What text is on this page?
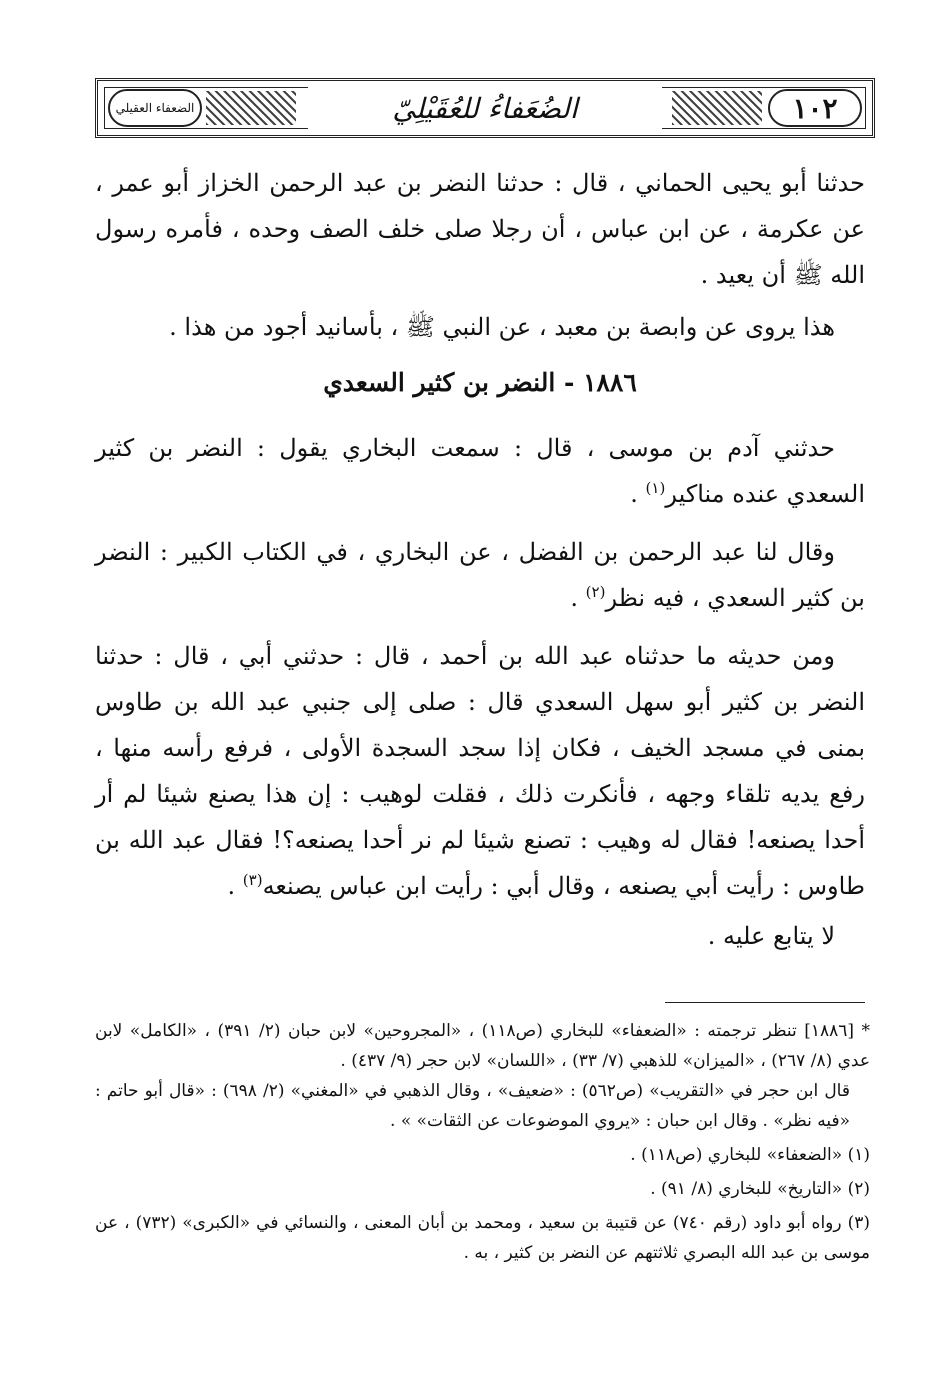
١٠٢
الضُعَفاءُ للعُقَيْلِيّ
الضعفاء العقيلي

حدثنا أبو يحيى الحماني ، قال : حدثنا النضر بن عبد الرحمن الخزاز أبو عمر ، عن عكرمة ، عن ابن عباس ، أن رجلا صلى خلف الصف وحده ، فأمره رسول الله ﷺ أن يعيد .

هذا يروى عن وابصة بن معبد ، عن النبي ﷺ ، بأسانيد أجود من هذا .

١٨٨٦ - النضر بن كثير السعدي

حدثني آدم بن موسى ، قال : سمعت البخاري يقول : النضر بن كثير السعدي عنده مناكير$^{(١)}$ .

وقال لنا عبد الرحمن بن الفضل ، عن البخاري ، في الكتاب الكبير : النضر بن كثير السعدي ، فيه نظر$^{(٢)}$ .

ومن حديثه ما حدثناه عبد الله بن أحمد ، قال : حدثني أبي ، قال : حدثنا النضر بن كثير أبو سهل السعدي قال : صلى إلى جنبي عبد الله بن طاوس بمنى في مسجد الخيف ، فكان إذا سجد السجدة الأولى ، فرفع رأسه منها ، رفع يديه تلقاء وجهه ، فأنكرت ذلك ، فقلت لوهيب : إن هذا يصنع شيئا لم أر أحدا يصنعه! فقال له وهيب : تصنع شيئا لم نر أحدا يصنعه؟! فقال عبد الله بن طاوس : رأيت أبي يصنعه ، وقال أبي : رأيت ابن عباس يصنعه$^{(٣)}$ .

لا يتابع عليه .

* [١٨٨٦] تنظر ترجمته : «الضعفاء» للبخاري (ص١١٨) ، «المجروحين» لابن حبان (٢/ ٣٩١) ، «الكامل» لابن عدي (٨/ ٢٦٧) ، «الميزان» للذهبي (٧/ ٣٣) ، «اللسان» لابن حجر (٩/ ٤٣٧) .

قال ابن حجر في «التقريب» (ص٥٦٢) : «ضعيف» ، وقال الذهبي في «المغني» (٢/ ٦٩٨) : «قال أبو حاتم : «فيه نظر» . وقال ابن حبان : «يروي الموضوعات عن الثقات» » .

(١) «الضعفاء» للبخاري (ص١١٨) .

(٢) «التاريخ» للبخاري (٨/ ٩١) .

(٣) رواه أبو داود (رقم ٧٤٠) عن قتيبة بن سعيد ، ومحمد بن أبان المعنى ، والنسائي في «الكبرى» (٧٣٢) ، عن موسى بن عبد الله البصري ثلاثتهم عن النضر بن كثير ، به .
